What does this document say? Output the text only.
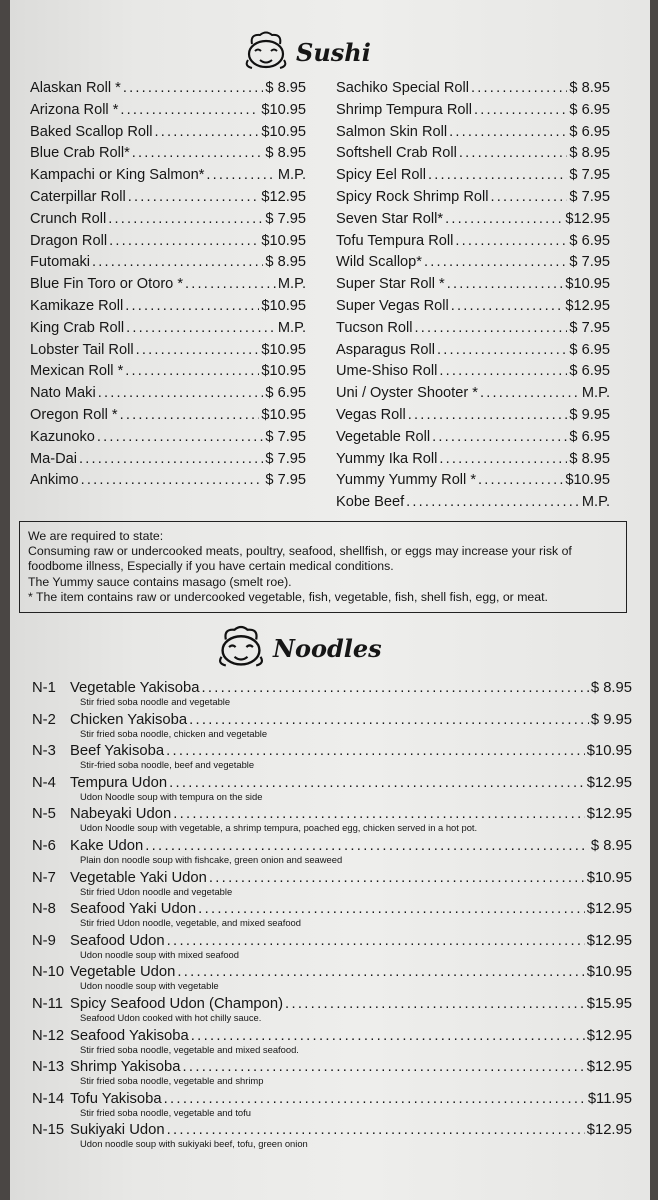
Sushi
Alaskan Roll * .....	$ 8.95
Arizona Roll * .....	$10.95
Baked Scallop Roll .....	$10.95
Blue Crab Roll* .....	$ 8.95
Kampachi or King Salmon* .....	M.P.
Caterpillar Roll .....	$12.95
Crunch Roll .....	$ 7.95
Dragon Roll .....	$10.95
Futomaki .....	$ 8.95
Blue Fin Toro or Otoro * .....	M.P.
Kamikaze Roll .....	$10.95
King Crab Roll .....	M.P.
Lobster Tail Roll .....	$10.95
Mexican Roll * .....	$10.95
Nato Maki .....	$ 6.95
Oregon Roll * .....	$10.95
Kazunoko .....	$ 7.95
Ma-Dai .....	$ 7.95
Ankimo .....	$ 7.95
Sachiko Special Roll .....	$ 8.95
Shrimp Tempura Roll .....	$ 6.95
Salmon Skin Roll .....	$ 6.95
Softshell Crab Roll .....	$ 8.95
Spicy Eel Roll .....	$ 7.95
Spicy Rock Shrimp Roll .....	$ 7.95
Seven Star Roll* .....	$12.95
Tofu Tempura Roll .....	$ 6.95
Wild Scallop* .....	$ 7.95
Super Star Roll * .....	$10.95
Super Vegas Roll .....	$12.95
Tucson Roll .....	$ 7.95
Asparagus Roll .....	$ 6.95
Ume-Shiso Roll .....	$ 6.95
Uni / Oyster Shooter * .....	M.P.
Vegas Roll .....	$ 9.95
Vegetable Roll .....	$ 6.95
Yummy Ika Roll .....	$ 8.95
Yummy Yummy Roll * .....	$10.95
Kobe Beef .....	M.P.
We are required to state:
Consuming raw or undercooked meats, poultry, seafood, shellfish, or eggs may increase your risk of
foodbome illness, Especially if you have certain medical conditions.
The Yummy sauce contains masago (smelt roe).
* The item contains raw or undercooked vegetable, fish, vegetable, fish, shell fish, egg, or meat.
Noodles
N-1 Vegetable Yakisoba .....	$ 8.95
Stir fried soba noodle and vegetable
N-2 Chicken Yakisoba .....	$ 9.95
Stir fried soba noodle, chicken and vegetable
N-3 Beef Yakisoba .....	$10.95
Stir-fried soba noodle, beef and vegetable
N-4 Tempura Udon .....	$12.95
Udon Noodle soup with tempura on the side
N-5 Nabeyaki Udon .....	$12.95
Udon Noodle soup with vegetable, a shrimp tempura, poached egg, chicken served in a hot pot.
N-6 Kake Udon .....	$ 8.95
Plain don noodle soup with fishcake, green onion and seaweed
N-7 Vegetable Yaki Udon .....	$10.95
Stir fried Udon noodle and vegetable
N-8 Seafood Yaki Udon .....	$12.95
Stir fried Udon noodle, vegetable, and mixed seafood
N-9 Seafood Udon .....	$12.95
Udon noodle soup with mixed seafood
N-10 Vegetable Udon .....	$10.95
Udon noodle soup with vegetable
N-11 Spicy Seafood Udon (Champon) .....	$15.95
Seafood Udon cooked with hot chilly sauce.
N-12 Seafood Yakisoba .....	$12.95
Stir fried soba noodle, vegetable and mixed seafood.
N-13 Shrimp Yakisoba .....	$12.95
Stir fried soba noodle, vegetable and shrimp
N-14 Tofu Yakisoba .....	$11.95
Stir fried soba noodle, vegetable and tofu
N-15 Sukiyaki Udon .....	$12.95
Udon noodle soup with sukiyaki beef, tofu, green onion
